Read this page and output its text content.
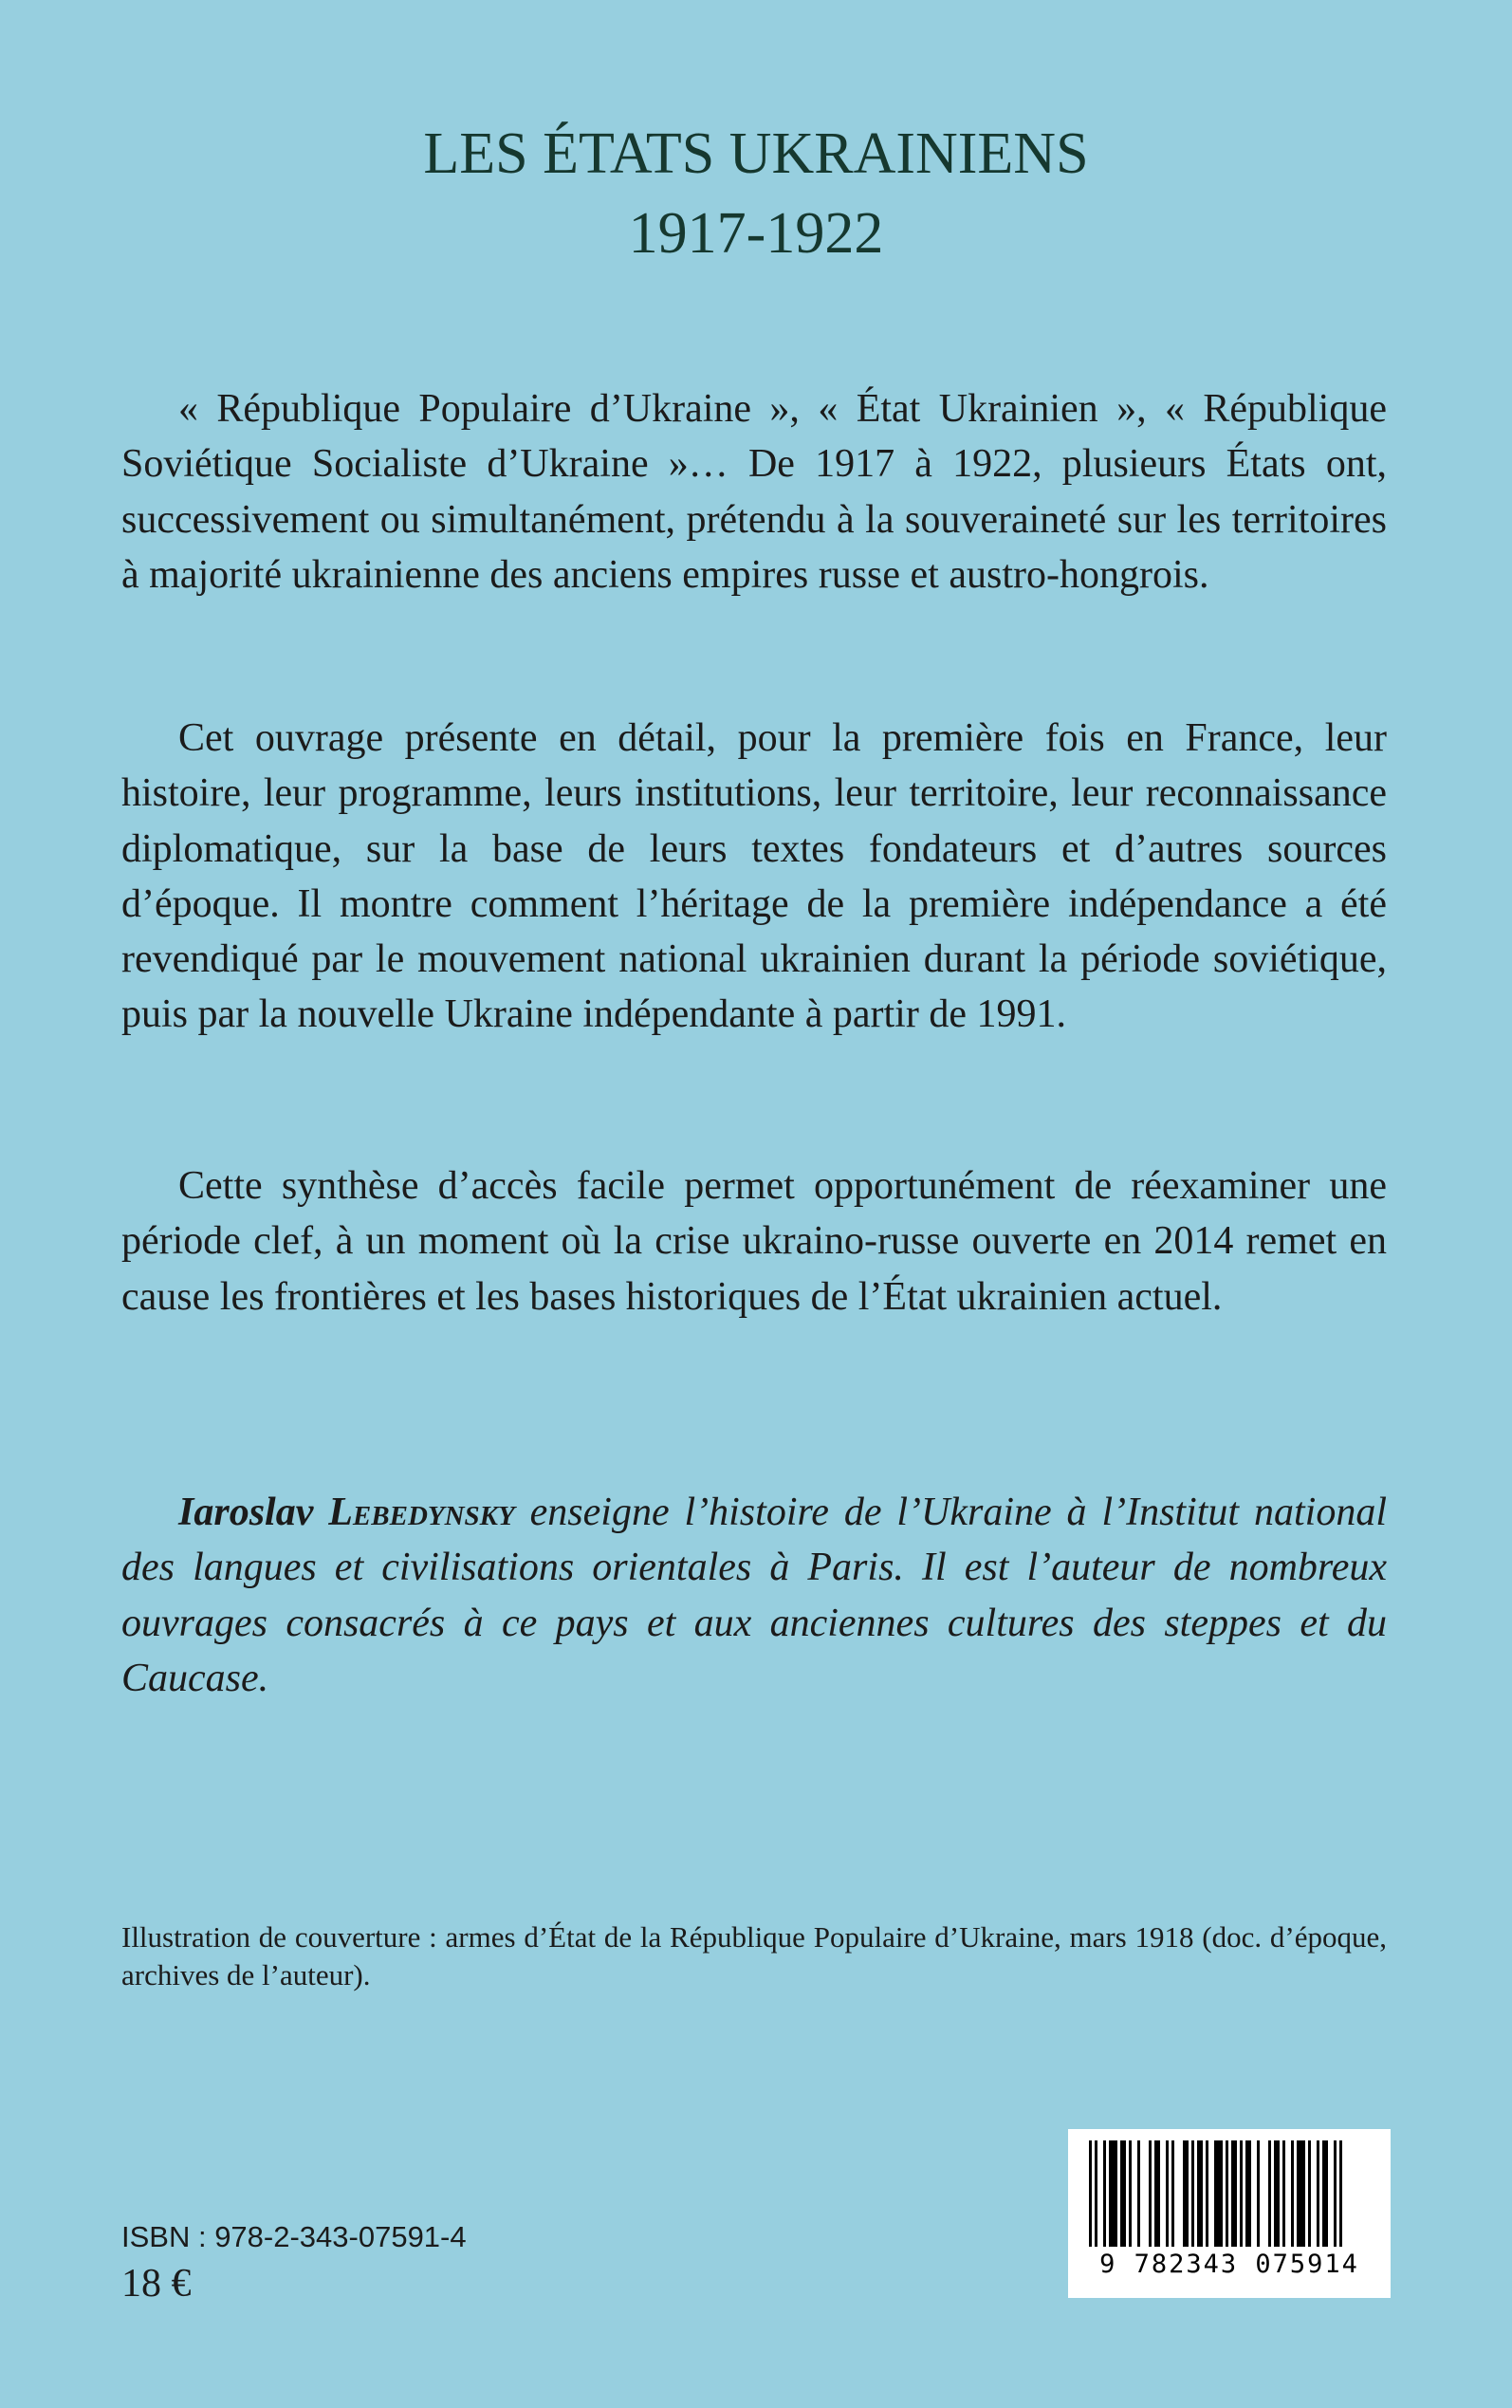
LES ÉTATS UKRAINIENS
1917-1922

« République Populaire d’Ukraine », « État Ukrainien », « République Soviétique Socialiste d’Ukraine »… De 1917 à 1922, plusieurs États ont, successivement ou simultanément, prétendu à la souveraineté sur les territoires à majorité ukrainienne des anciens empires russe et austro-hongrois.

Cet ouvrage présente en détail, pour la première fois en France, leur histoire, leur programme, leurs institutions, leur territoire, leur reconnaissance diplomatique, sur la base de leurs textes fondateurs et d’autres sources d’époque. Il montre comment l’héritage de la première indépendance a été revendiqué par le mouvement national ukrainien durant la période soviétique, puis par la nouvelle Ukraine indépendante à partir de 1991.

Cette synthèse d’accès facile permet opportunément de réexaminer une période clef, à un moment où la crise ukraino-russe ouverte en 2014 remet en cause les frontières et les bases historiques de l’État ukrainien actuel.

Iaroslav Lebedynsky enseigne l’histoire de l’Ukraine à l’Institut national des langues et civilisations orientales à Paris. Il est l’auteur de nombreux ouvrages consacrés à ce pays et aux anciennes cultures des steppes et du Caucase.

Illustration de couverture : armes d’État de la République Populaire d’Ukraine, mars 1918 (doc. d’époque, archives de l’auteur).

ISBN : 978-2-343-07591-4
18 €	9 782343 075914
